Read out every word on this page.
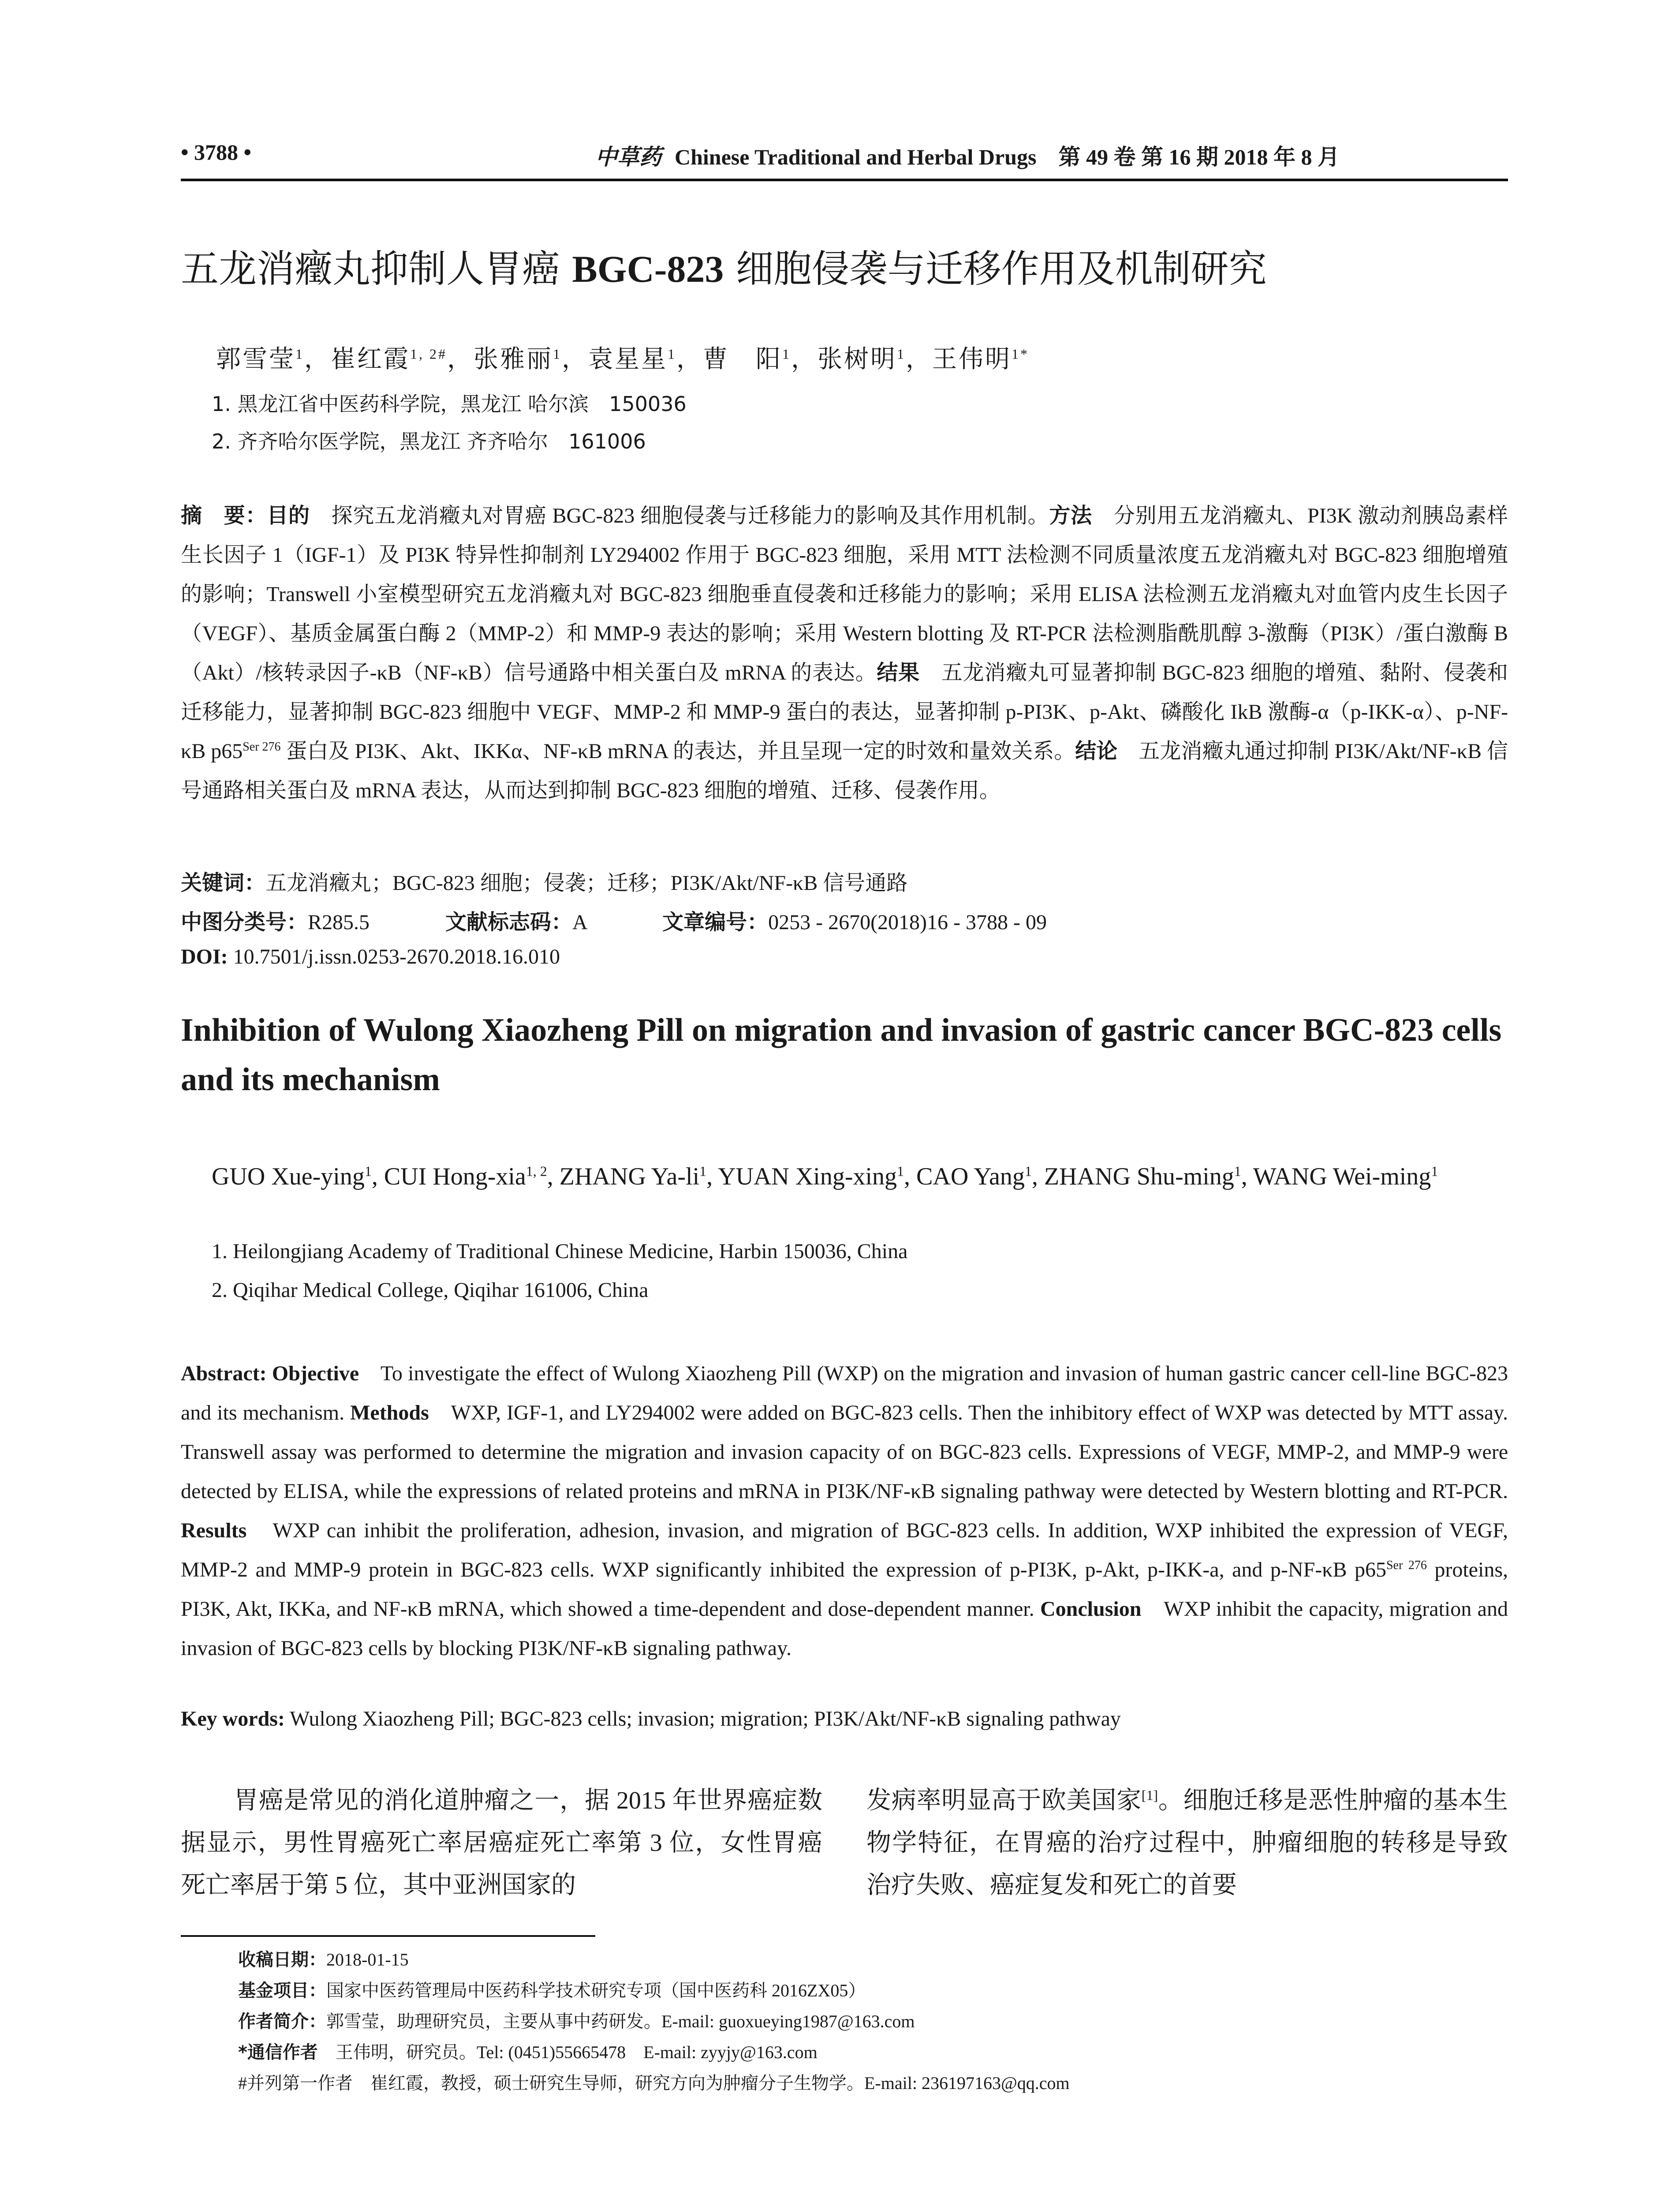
• 3788 •	中草药 Chinese Traditional and Herbal Drugs　第 49 卷 第 16 期 2018 年 8 月
五龙消癥丸抑制人胃癌 BGC-823 细胞侵袭与迁移作用及机制研究
郭雪莹$^1$，崔红霞$^{1, 2\#}$，张雅丽$^1$，袁星星$^1$，曹　阳$^1$，张树明$^1$，王伟明$^{1*}$
1. 黑龙江省中医药科学院，黑龙江 哈尔滨　150036
2. 齐齐哈尔医学院，黑龙江 齐齐哈尔　161006
摘　要：目的　探究五龙消癥丸对胃癌 BGC-823 细胞侵袭与迁移能力的影响及其作用机制。方法　分别用五龙消癥丸、PI3K 激动剂胰岛素样生长因子 1（IGF-1）及 PI3K 特异性抑制剂 LY294002 作用于 BGC-823 细胞，采用 MTT 法检测不同质量浓度五龙消癥丸对 BGC-823 细胞增殖的影响；Transwell 小室模型研究五龙消癥丸对 BGC-823 细胞垂直侵袭和迁移能力的影响；采用 ELISA 法检测五龙消癥丸对血管内皮生长因子（VEGF）、基质金属蛋白酶 2（MMP-2）和 MMP-9 表达的影响；采用 Western blotting 及 RT-PCR 法检测脂酰肌醇 3-激酶（PI3K）/蛋白激酶 B（Akt）/核转录因子-κB（NF-κB）信号通路中相关蛋白及 mRNA 的表达。结果　五龙消癥丸可显著抑制 BGC-823 细胞的增殖、黏附、侵袭和迁移能力，显著抑制 BGC-823 细胞中 VEGF、MMP-2 和 MMP-9 蛋白的表达，显著抑制 p-PI3K、p-Akt、磷酸化 IkB 激酶-α（p-IKK-α）、p-NF-κB $p65^{Ser 276}$ 蛋白及 PI3K、Akt、IKKα、NF-κB mRNA 的表达，并且呈现一定的时效和量效关系。结论　五龙消癥丸通过抑制 PI3K/Akt/NF-κB 信号通路相关蛋白及 mRNA 表达，从而达到抑制 BGC-823 细胞的增殖、迁移、侵袭作用。
关键词：五龙消癥丸；BGC-823 细胞；侵袭；迁移；PI3K/Akt/NF-κB 信号通路
中图分类号：R285.5	文献标志码：A	文章编号：0253 - 2670(2018)16 - 3788 - 09
DOI: 10.7501/j.issn.0253-2670.2018.16.010
Inhibition of Wulong Xiaozheng Pill on migration and invasion of gastric cancer BGC-823 cells and its mechanism
GUO Xue-ying$^1$, CUI Hong-xia$^{1, 2}$, ZHANG $Ya-li^1$, YUAN Xing-xing$^1$, CAO Yang$^1$, ZHANG Shu-ming$^1$, WANG Wei-ming$^1$
1. Heilongjiang Academy of Traditional Chinese Medicine, Harbin 150036, China
2. Qiqihar Medical College, Qiqihar 161006, China
Abstract: Objective　To investigate the effect of Wulong Xiaozheng Pill (WXP) on the migration and invasion of human gastric cancer cell-line BGC-823 and its mechanism. Methods　WXP, IGF-1, and LY294002 were added on BGC-823 cells. Then the inhibitory effect of WXP was detected by MTT assay. Transwell assay was performed to determine the migration and invasion capacity of on BGC-823 cells. Expressions of VEGF, MMP-2, and MMP-9 were detected by ELISA, while the expressions of related proteins and mRNA in PI3K/NF-κB signaling pathway were detected by Western blotting and RT-PCR. Results　WXP can inhibit the proliferation, adhesion, invasion, and migration of BGC-823 cells. In addition, WXP inhibited the expression of VEGF, MMP-2 and MMP-9 protein in BGC-823 cells. WXP significantly inhibited the expression of p-PI3K, p-Akt, p-IKK-a, and p-NF-κB $p65^{Ser 276}$ proteins, PI3K, Akt, IKKa, and NF-κB mRNA, which showed a time-dependent and dose-dependent manner. Conclusion　WXP inhibit the capacity, migration and invasion of BGC-823 cells by blocking PI3K/NF-κB signaling pathway.
Key words: Wulong Xiaozheng Pill; BGC-823 cells; invasion; migration; PI3K/Akt/NF-κB signaling pathway
胃癌是常见的消化道肿瘤之一，据 2015 年世界癌症数据显示，男性胃癌死亡率居癌症死亡率第 3 位，女性胃癌死亡率居于第 5 位，其中亚洲国家的
发病率明显高于欧美国家[1]。细胞迁移是恶性肿瘤的基本生物学特征，在胃癌的治疗过程中，肿瘤细胞的转移是导致治疗失败、癌症复发和死亡的首要
收稿日期：2018-01-15
基金项目：国家中医药管理局中医药科学技术研究专项（国中医药科 2016ZX05）
作者简介：郭雪莹，助理研究员，主要从事中药研发。E-mail: guoxueying1987@163.com
*通信作者　王伟明，研究员。Tel: (0451)55665478　E-mail: zyyjy@163.com
#并列第一作者　崔红霞，教授，硕士研究生导师，研究方向为肿瘤分子生物学。E-mail: 236197163@qq.com
